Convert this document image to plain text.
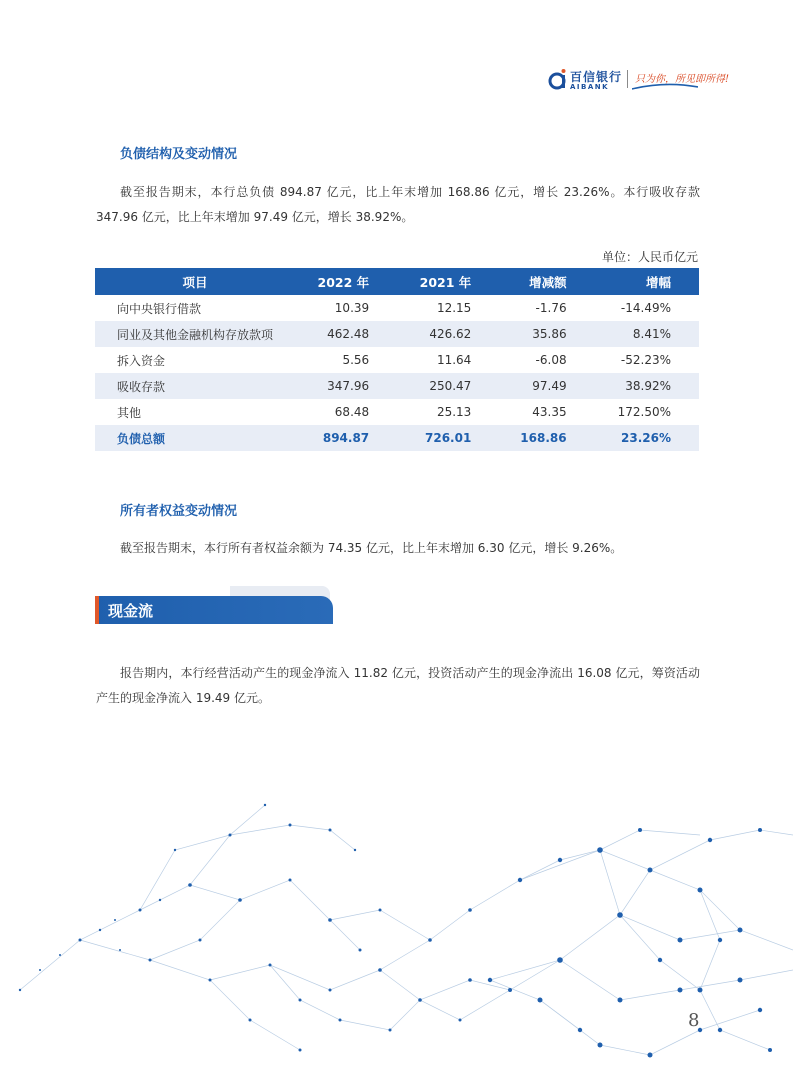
百信银行
AIBANK
只为你，所见即所得!
负债结构及变动情况
截至报告期末，本行总负债 894.87 亿元，比上年末增加 168.86 亿元，增长 23.26%。本行吸收存款 347.96 亿元，比上年末增加 97.49 亿元，增长 38.92%。
单位：人民币亿元
项目	2022 年	2021 年	增减额	增幅
向中央银行借款	10.39	12.15	-1.76	-14.49%
同业及其他金融机构存放款项	462.48	426.62	35.86	8.41%
拆入资金	5.56	11.64	-6.08	-52.23%
吸收存款	347.96	250.47	97.49	38.92%
其他	68.48	25.13	43.35	172.50%
负债总额	894.87	726.01	168.86	23.26%
所有者权益变动情况
截至报告期末，本行所有者权益余额为 74.35 亿元，比上年末增加 6.30 亿元，增长 9.26%。
现金流
报告期内，本行经营活动产生的现金净流入 11.82 亿元，投资活动产生的现金净流出 16.08 亿元，筹资活动产生的现金净流入 19.49 亿元。
8
